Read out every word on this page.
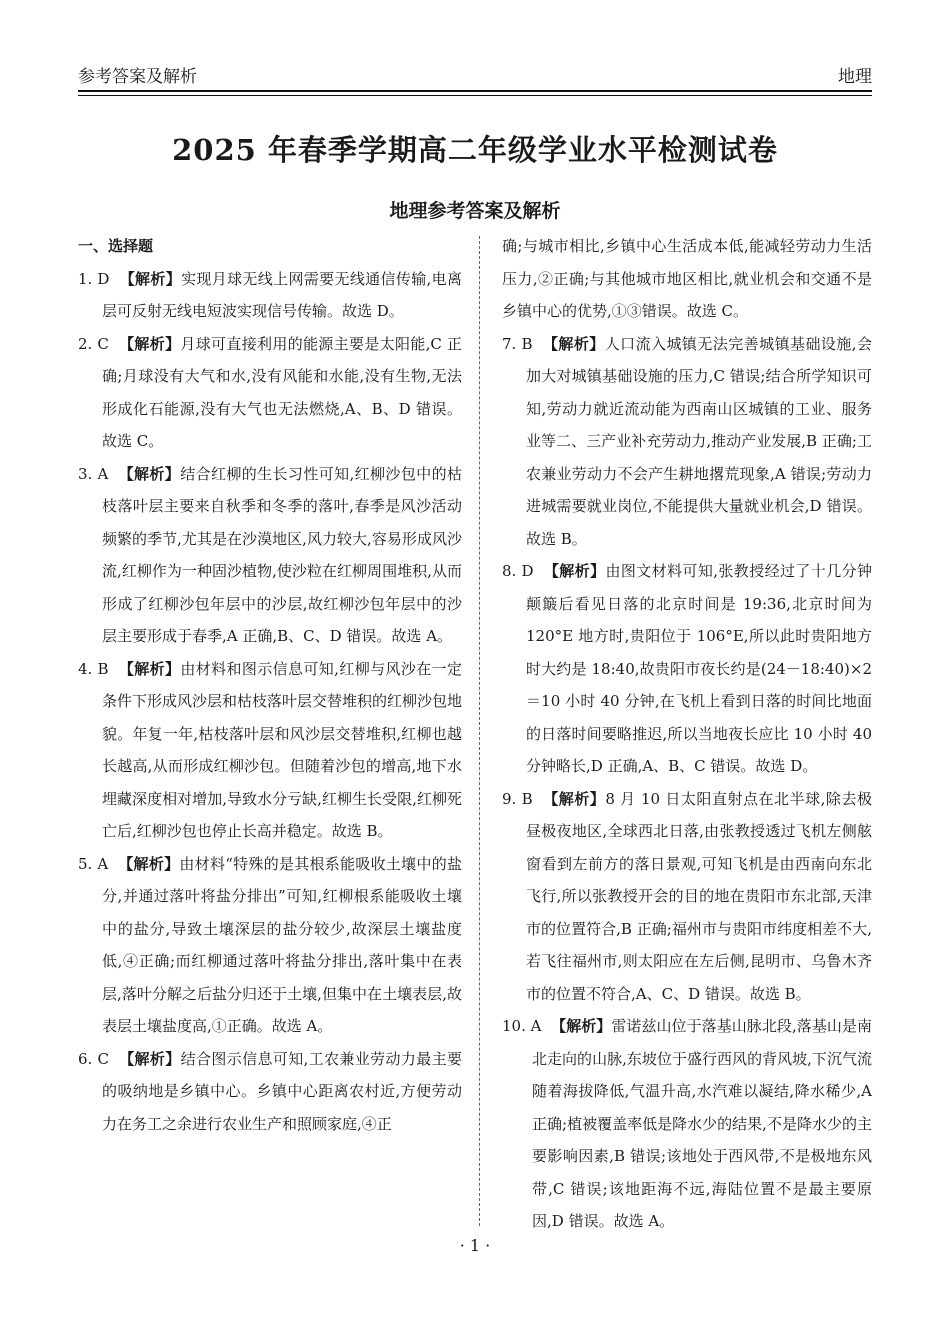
参考答案及解析	地理
2025 年春季学期高二年级学业水平检测试卷
地理参考答案及解析
一、选择题

1. D 【解析】实现月球无线上网需要无线通信传输,电离层可反射无线电短波实现信号传输。故选 D。

2. C 【解析】月球可直接利用的能源主要是太阳能,C 正确;月球没有大气和水,没有风能和水能,没有生物,无法形成化石能源,没有大气也无法燃烧,A、B、D 错误。故选 C。

3. A 【解析】结合红柳的生长习性可知,红柳沙包中的枯枝落叶层主要来自秋季和冬季的落叶,春季是风沙活动频繁的季节,尤其是在沙漠地区,风力较大,容易形成风沙流,红柳作为一种固沙植物,使沙粒在红柳周围堆积,从而形成了红柳沙包年层中的沙层,故红柳沙包年层中的沙层主要形成于春季,A 正确,B、C、D 错误。故选 A。

4. B 【解析】由材料和图示信息可知,红柳与风沙在一定条件下形成风沙层和枯枝落叶层交替堆积的红柳沙包地貌。年复一年,枯枝落叶层和风沙层交替堆积,红柳也越长越高,从而形成红柳沙包。但随着沙包的增高,地下水埋藏深度相对增加,导致水分亏缺,红柳生长受限,红柳死亡后,红柳沙包也停止长高并稳定。故选 B。

5. A 【解析】由材料“特殊的是其根系能吸收土壤中的盐分,并通过落叶将盐分排出”可知,红柳根系能吸收土壤中的盐分,导致土壤深层的盐分较少,故深层土壤盐度低,④正确;而红柳通过落叶将盐分排出,落叶集中在表层,落叶分解之后盐分归还于土壤,但集中在土壤表层,故表层土壤盐度高,①正确。故选 A。

6. C 【解析】结合图示信息可知,工农兼业劳动力最主要的吸纳地是乡镇中心。乡镇中心距离农村近,方便劳动力在务工之余进行农业生产和照顾家庭,④正

确;与城市相比,乡镇中心生活成本低,能减轻劳动力生活压力,②正确;与其他城市地区相比,就业机会和交通不是乡镇中心的优势,①③错误。故选 C。

7. B 【解析】人口流入城镇无法完善城镇基础设施,会加大对城镇基础设施的压力,C 错误;结合所学知识可知,劳动力就近流动能为西南山区城镇的工业、服务业等二、三产业补充劳动力,推动产业发展,B 正确;工农兼业劳动力不会产生耕地撂荒现象,A 错误;劳动力进城需要就业岗位,不能提供大量就业机会,D 错误。故选 B。

8. D 【解析】由图文材料可知,张教授经过了十几分钟颠簸后看见日落的北京时间是 19:36,北京时间为 120°E 地方时,贵阳位于 106°E,所以此时贵阳地方时大约是 18:40,故贵阳市夜长约是(24－18:40)×2＝10 小时 40 分钟,在飞机上看到日落的时间比地面的日落时间要略推迟,所以当地夜长应比 10 小时 40 分钟略长,D 正确,A、B、C 错误。故选 D。

9. B 【解析】8 月 10 日太阳直射点在北半球,除去极昼极夜地区,全球西北日落,由张教授透过飞机左侧舷窗看到左前方的落日景观,可知飞机是由西南向东北飞行,所以张教授开会的目的地在贵阳市东北部,天津市的位置符合,B 正确;福州市与贵阳市纬度相差不大,若飞往福州市,则太阳应在左后侧,昆明市、乌鲁木齐市的位置不符合,A、C、D 错误。故选 B。

10. A 【解析】雷诺兹山位于落基山脉北段,落基山是南北走向的山脉,东坡位于盛行西风的背风坡,下沉气流随着海拔降低,气温升高,水汽难以凝结,降水稀少,A 正确;植被覆盖率低是降水少的结果,不是降水少的主要影响因素,B 错误;该地处于西风带,不是极地东风带,C 错误;该地距海不远,海陆位置不是最主要原因,D 错误。故选 A。

· 1 ·
